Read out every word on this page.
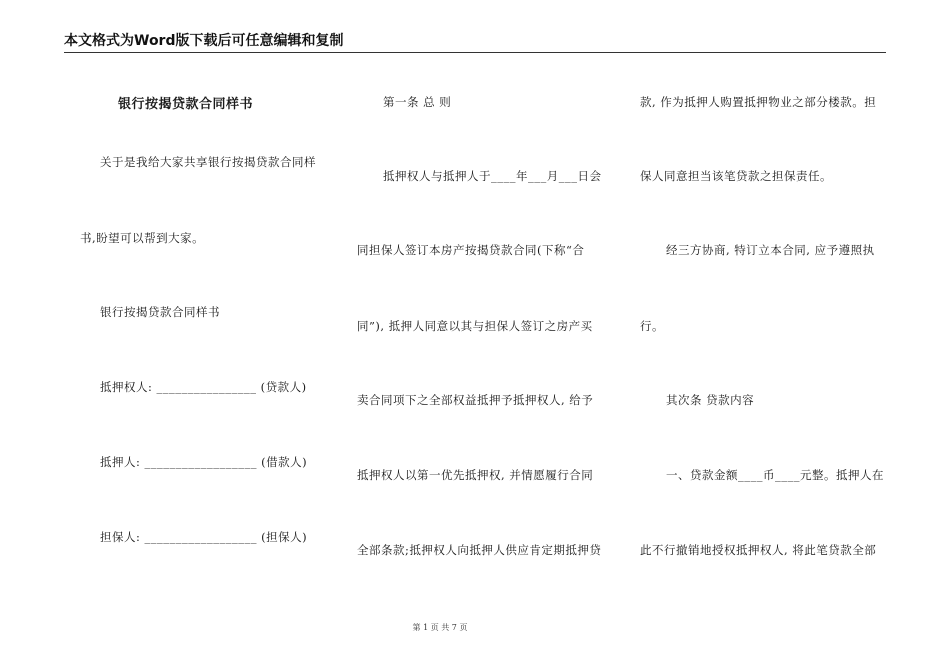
本文格式为Word版下载后可任意编辑和复制
银行按揭贷款合同样书
关于是我给大家共享银行按揭贷款合同样
书,盼望可以帮到大家。
银行按揭贷款合同样书
抵押权人: ________________ (贷款人)
抵押人: __________________ (借款人)
担保人: __________________ (担保人)
第一条 总 则
抵押权人与抵押人于____年___月___日会
同担保人签订本房产按揭贷款合同(下称“合
同”), 抵押人同意以其与担保人签订之房产买
卖合同项下之全部权益抵押予抵押权人, 给予
抵押权人以第一优先抵押权, 并情愿履行合同
全部条款;抵押权人向抵押人供应肯定期抵押贷
款, 作为抵押人购置抵押物业之部分楼款。担
保人同意担当该笔贷款之担保责任。
经三方协商, 特订立本合同, 应予遵照执
行。
其次条 贷款内容
一、贷款金额____币____元整。抵押人在
此不行撤销地授权抵押权人, 将此笔贷款全部
第 1 页 共 7 页
